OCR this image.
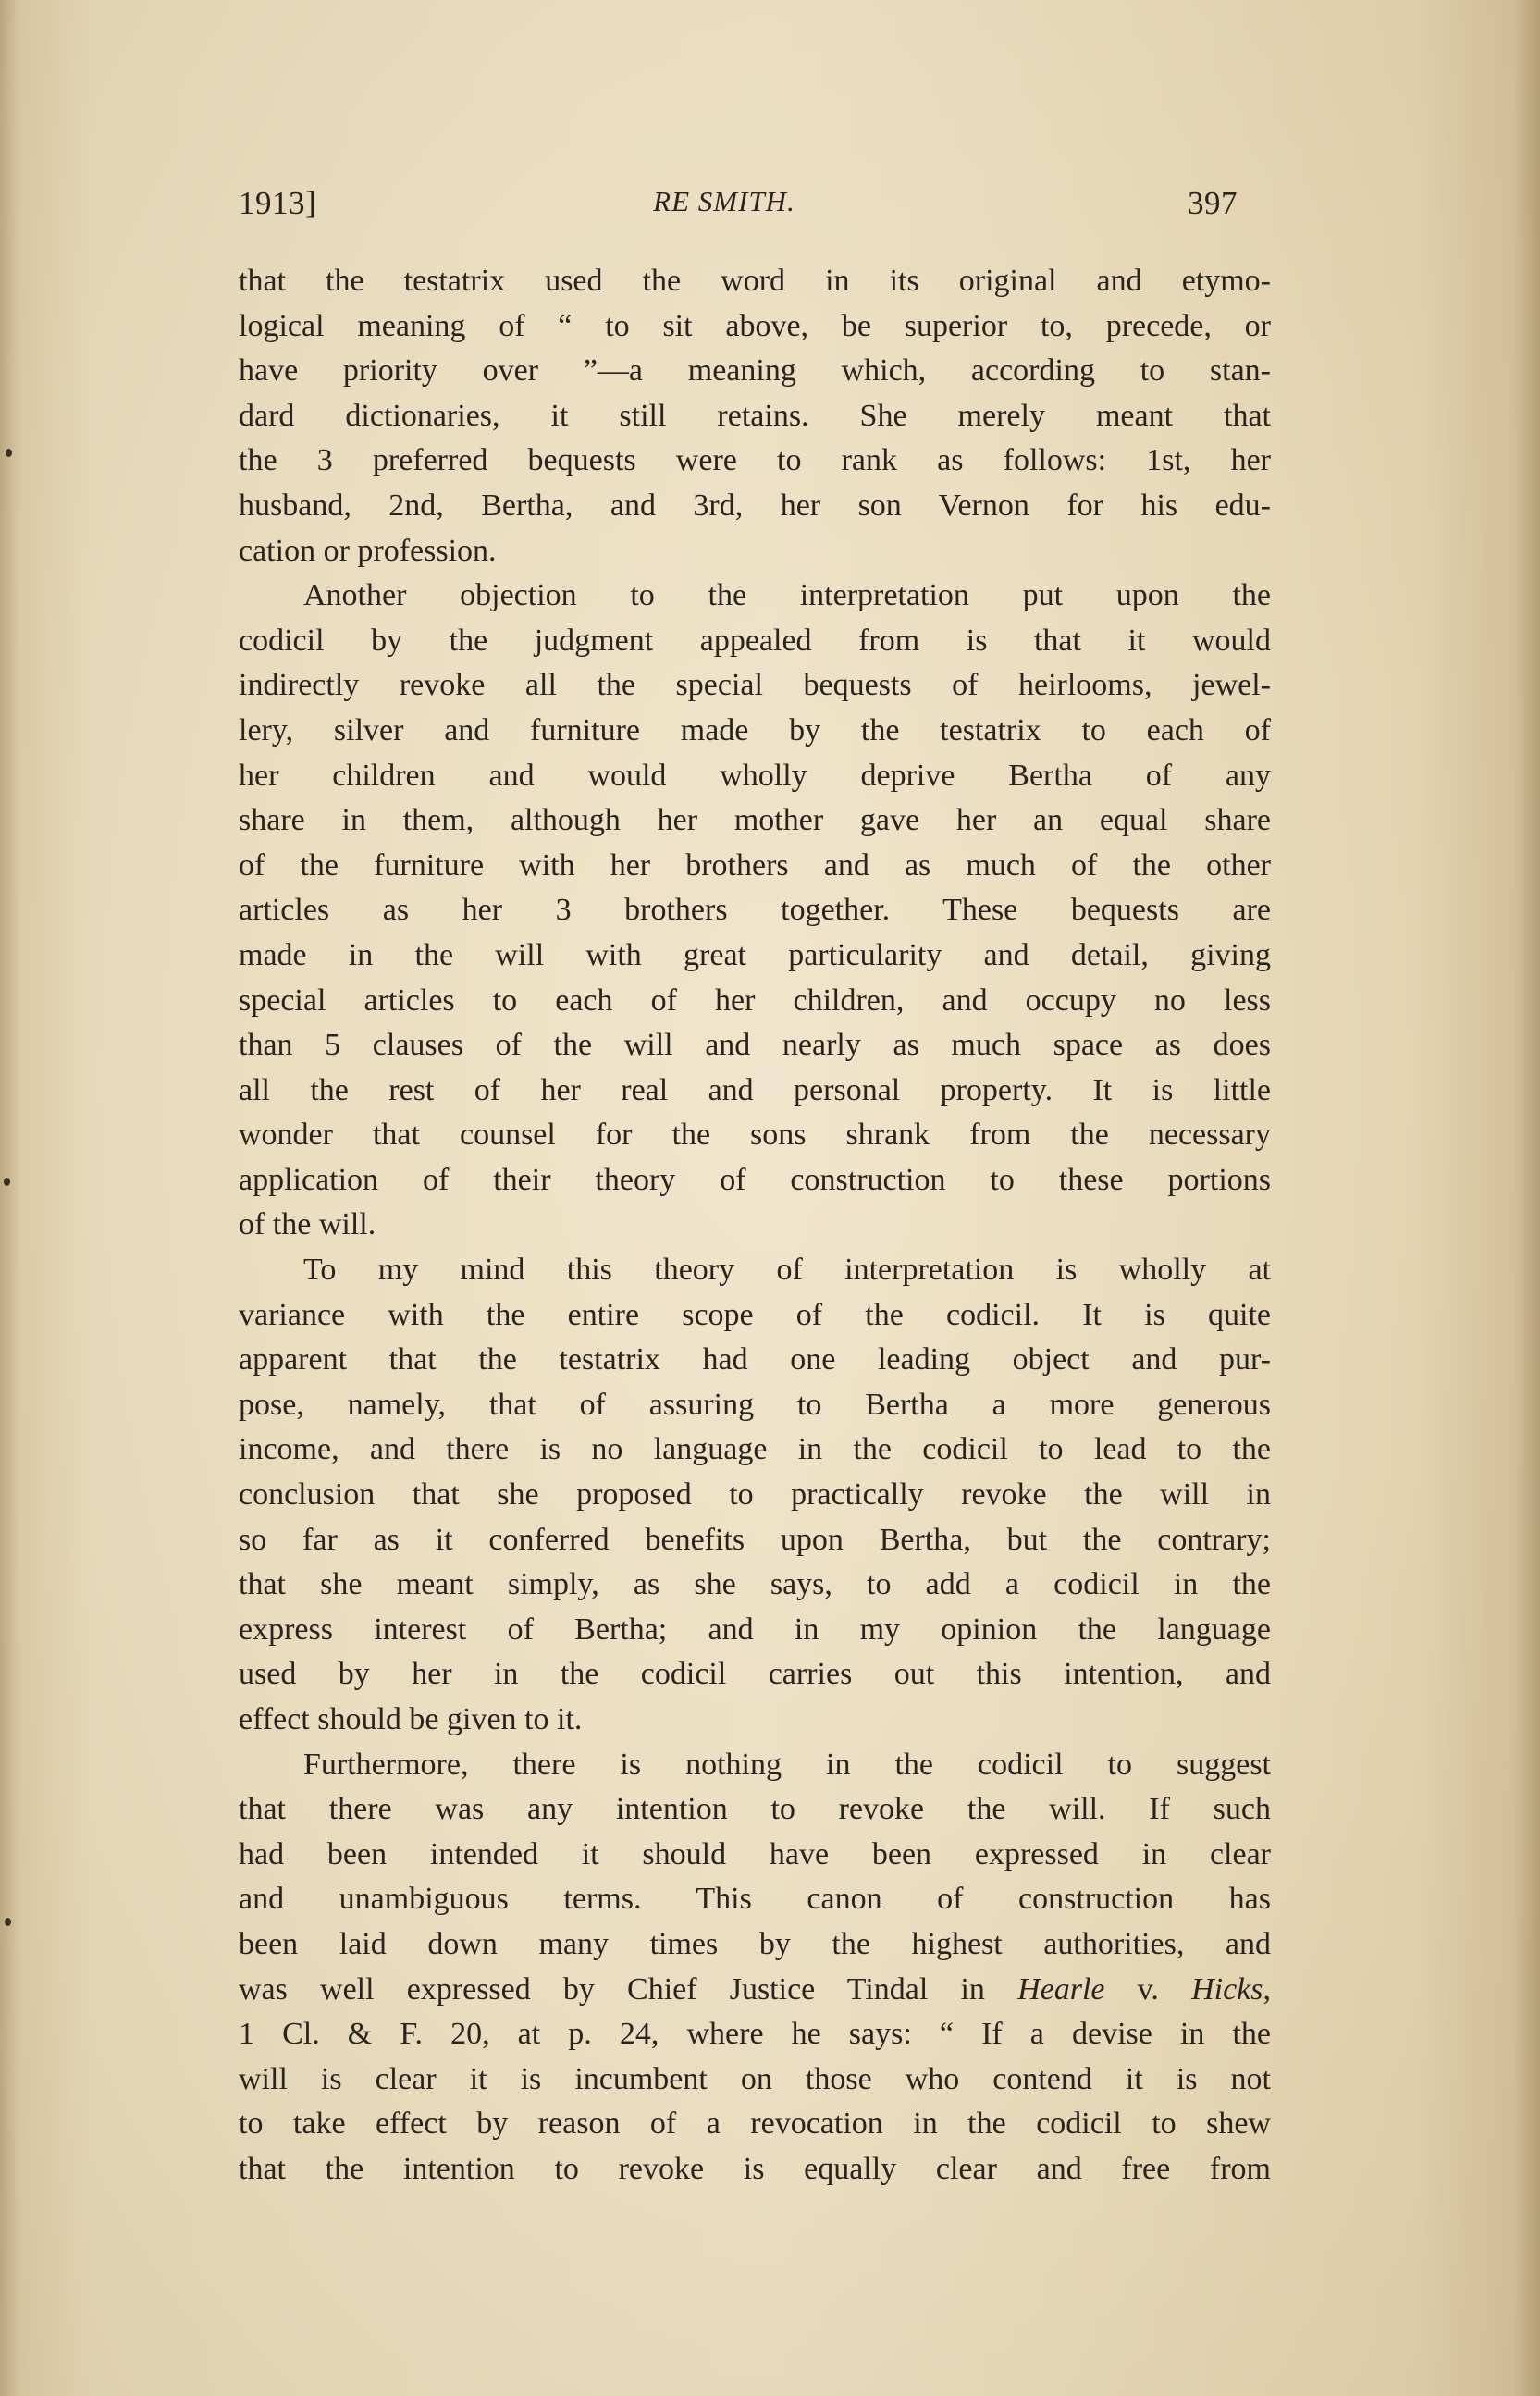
1913]	RE SMITH.	397
that the testatrix used the word in its original and etymo-
logical meaning of “ to sit above, be superior to, precede, or
have priority over ”—a meaning which, according to stan-
dard dictionaries, it still retains. She merely meant that
the 3 preferred bequests were to rank as follows: 1st, her
husband, 2nd, Bertha, and 3rd, her son Vernon for his edu-
cation or profession.
Another objection to the interpretation put upon the
codicil by the judgment appealed from is that it would
indirectly revoke all the special bequests of heirlooms, jewel-
lery, silver and furniture made by the testatrix to each of
her children and would wholly deprive Bertha of any
share in them, although her mother gave her an equal share
of the furniture with her brothers and as much of the other
articles as her 3 brothers together. These bequests are
made in the will with great particularity and detail, giving
special articles to each of her children, and occupy no less
than 5 clauses of the will and nearly as much space as does
all the rest of her real and personal property. It is little
wonder that counsel for the sons shrank from the necessary
application of their theory of construction to these portions
of the will.
To my mind this theory of interpretation is wholly at
variance with the entire scope of the codicil. It is quite
apparent that the testatrix had one leading object and pur-
pose, namely, that of assuring to Bertha a more generous
income, and there is no language in the codicil to lead to the
conclusion that she proposed to practically revoke the will in
so far as it conferred benefits upon Bertha, but the contrary;
that she meant simply, as she says, to add a codicil in the
express interest of Bertha; and in my opinion the language
used by her in the codicil carries out this intention, and
effect should be given to it.
Furthermore, there is nothing in the codicil to suggest
that there was any intention to revoke the will. If such
had been intended it should have been expressed in clear
and unambiguous terms. This canon of construction has
been laid down many times by the highest authorities, and
was well expressed by Chief Justice Tindal in Hearle v. Hicks,
1 Cl. & F. 20, at p. 24, where he says: “ If a devise in the
will is clear it is incumbent on those who contend it is not
to take effect by reason of a revocation in the codicil to shew
that the intention to revoke is equally clear and free from
